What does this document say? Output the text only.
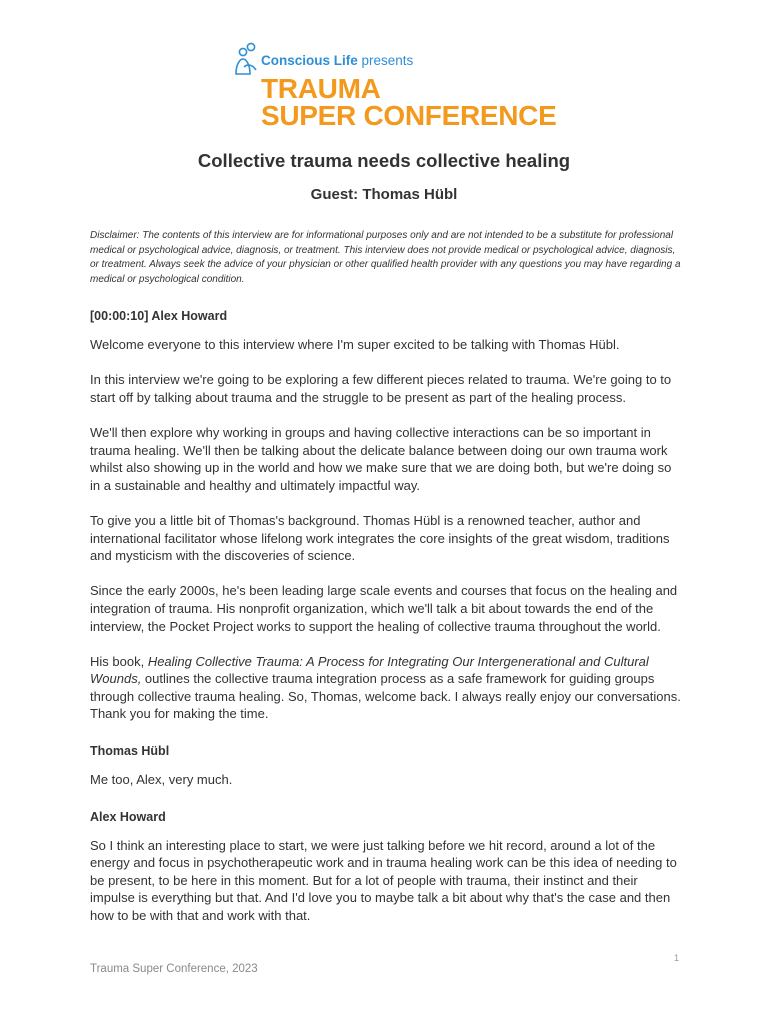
Conscious Life presents
TRAUMA
SUPER CONFERENCE
Collective trauma needs collective healing
Guest: Thomas Hübl
Disclaimer: The contents of this interview are for informational purposes only and are not intended to be a substitute for professional medical or psychological advice, diagnosis, or treatment. This interview does not provide medical or psychological advice, diagnosis, or treatment. Always seek the advice of your physician or other qualified health provider with any questions you may have regarding a medical or psychological condition.
[00:00:10] Alex Howard

Welcome everyone to this interview where I'm super excited to be talking with Thomas Hübl.

In this interview we're going to be exploring a few different pieces related to trauma. We're going to to start off by talking about trauma and the struggle to be present as part of the healing process.

We'll then explore why working in groups and having collective interactions can be so important in trauma healing. We'll then be talking about the delicate balance between doing our own trauma work whilst also showing up in the world and how we make sure that we are doing both, but we're doing so in a sustainable and healthy and ultimately impactful way.

To give you a little bit of Thomas's background. Thomas Hübl is a renowned teacher, author and international facilitator whose lifelong work integrates the core insights of the great wisdom, traditions and mysticism with the discoveries of science.

Since the early 2000s, he's been leading large scale events and courses that focus on the healing and integration of trauma. His nonprofit organization, which we'll talk a bit about towards the end of the interview, the Pocket Project works to support the healing of collective trauma throughout the world.

His book, Healing Collective Trauma: A Process for Integrating Our Intergenerational and Cultural Wounds, outlines the collective trauma integration process as a safe framework for guiding groups through collective trauma healing. So, Thomas, welcome back. I always really enjoy our conversations. Thank you for making the time.

Thomas Hübl

Me too, Alex, very much.

Alex Howard

So I think an interesting place to start, we were just talking before we hit record, around a lot of the energy and focus in psychotherapeutic work and in trauma healing work can be this idea of needing to be present, to be here in this moment. But for a lot of people with trauma, their instinct and their impulse is everything but that. And I'd love you to maybe talk a bit about why that's the case and then how to be with that and work with that.

1
Trauma Super Conference, 2023
